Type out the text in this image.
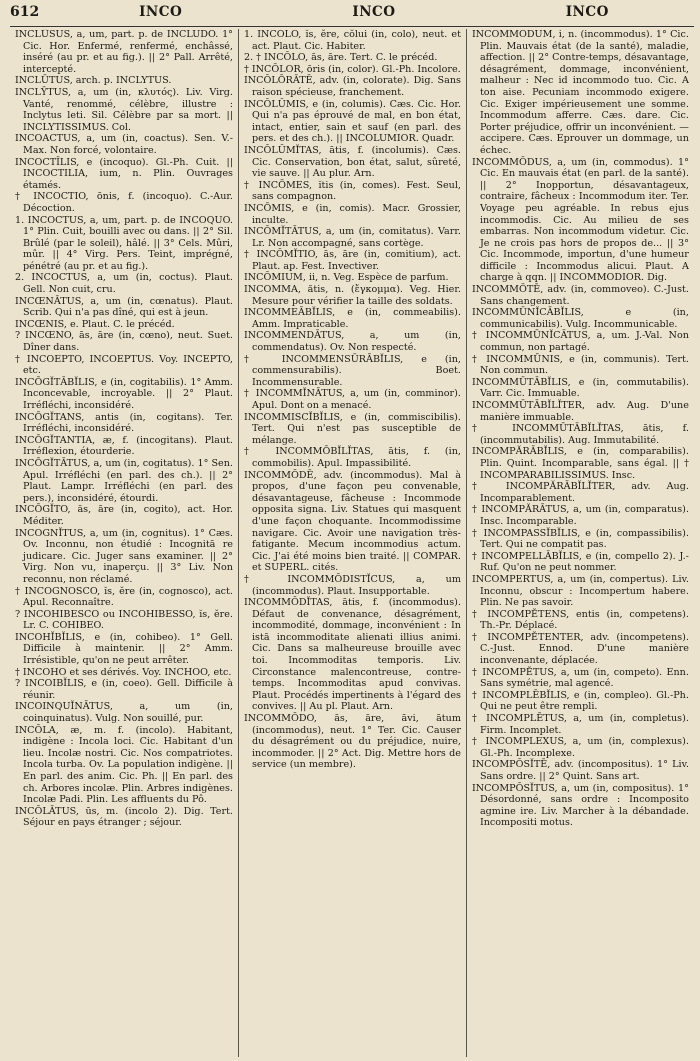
612	INCO	INCO	INCO

INCLŪSUS, a, um, part. p. de INCLUDO. 1° Cic. Hor. Enfermé, renfermé, enchâssé, inséré (au pr. et au fig.). || 2° Pall. Arrêté, intercepté.

INCLŪTUS, arch. p. INCLYTUS.

INCLȲTUS, a, um (in, κλυτός). Liv. Virg. Vanté, renommé, célèbre, illustre : Inclytus leti. Sil. Célèbre par sa mort. || INCLYTISSIMUS. Col.

INCOACTUS, a, um (in, coactus). Sen. V.-Max. Non forcé, volontaire.

INCOCTĪLIS, e (incoquo). Gl.-Ph. Cuit. || INCOCTILIA, ium, n. Plin. Ouvrages étamés.

† INCOCTIO, ōnis, f. (incoquo). C.-Aur. Décoction.

1. INCOCTUS, a, um, part. p. de INCOQUO. 1° Plin. Cuit, bouilli avec ou dans. || 2° Sil. Brûlé (par le soleil), hâlé. || 3° Cels. Mûri, mûr. || 4° Virg. Pers. Teint, imprégné, pénétré (au pr. et au fig.).

2. INCOCTUS, a, um (in, coctus). Plaut. Gell. Non cuit, cru.

INCŒNĀTUS, a, um (in, cœnatus). Plaut. Scrib. Qui n'a pas dîné, qui est à jeun.

INCŒNIS, e. Plaut. C. le précéd.

? INCŒNO, ās, āre (in, cœno), neut. Suet. Dîner dans.

† INCOEPTO, INCOEPTUS. Voy. INCEPTO, etc.

INCŌGĬTĀBĬLIS, e (in, cogitabilis). 1° Amm. Inconcevable, incroyable. || 2° Plaut. Irréfléchi, inconsidéré.

INCŌGĬTANS, antis (in, cogitans). Ter. Irréfléchi, inconsidéré.

INCŌGĬTANTIA, æ, f. (incogitans). Plaut. Irréflexion, étourderie.

INCŌGĬTĀTUS, a, um (in, cogitatus). 1° Sen. Apul. Irréfléchi (en parl. des ch.). || 2° Plaut. Lampr. Irréfléchi (en parl. des pers.), inconsidéré, étourdi.

INCŌGĬTO, ās, āre (in, cogito), act. Hor. Méditer.

INCOGNĬTUS, a, um (in, cognitus). 1° Cæs. Ov. Inconnu, non étudié : Incognitā re judicare. Cic. Juger sans examiner. || 2° Virg. Non vu, inaperçu. || 3° Liv. Non reconnu, non réclamé.

† INCOGNOSCO, ĭs, ĕre (in, cognosco), act. Apul. Reconnaître.

? INCOHIBESCO ou INCOHIBESSO, ĭs, ĕre. Lr. C. COHIBEO.

INCOHĬBĬLIS, e (in, cohibeo). 1° Gell. Difficile à maintenir. || 2° Amm. Irrésistible, qu'on ne peut arrêter.

† INCOHO et ses dérivés. Voy. INCHOO, etc.

? INCOIBĬLIS, e (in, coeo). Gell. Difficile à réunir.

INCOINQUĬNĀTUS, a, um (in, coinquinatus). Vulg. Non souillé, pur.

INCŎLA, æ, m. f. (incolo). Habitant, indigène : Incola loci. Cic. Habitant d'un lieu. Incolæ nostri. Cic. Nos compatriotes. Incola turba. Ov. La population indigène. || En parl. des anim. Cic. Ph. || En parl. des ch. Arbores incolæ. Plin. Arbres indigènes. Incolæ Padi. Plin. Les affluents du Pô.

INCŎLĀTUS, ūs, m. (incolo 2). Dig. Tert. Séjour en pays étranger ; séjour.

1. INCŎLO, ĭs, ĕre, cŏlui (in, colo), neut. et act. Plaut. Cic. Habiter.

2. † INCŎLO, ās, āre. Tert. C. le précéd.

† INCŎLOR, ōris (in, color). Gl.-Ph. Incolore.

INCŎLŌRĀTĒ, adv. (in, colorate). Dig. Sans raison spécieuse, franchement.

INCŎLŬMIS, e (in, columis). Cæs. Cic. Hor. Qui n'a pas éprouvé de mal, en bon état, intact, entier, sain et sauf (en parl. des pers. et des ch.). || INCOLUMIOR. Quadr.

INCŎLŬMĬTAS, ātis, f. (incolumis). Cæs. Cic. Conservation, bon état, salut, sûreté, vie sauve. || Au plur. Arn.

† INCŌMES, ĭtis (in, comes). Fest. Seul, sans compagnon.

INCŌMIS, e (in, comis). Macr. Grossier, inculte.

INCŎMĬTĀTUS, a, um (in, comitatus). Varr. Lr. Non accompagné, sans cortège.

† INCŎMĬTIO, ās, āre (in, comitium), act. Plaut. ap. Fest. Invectiver.

INCŎMIUM, ii, n. Veg. Espèce de parfum.

INCOMMA, ătis, n. (ἔγκομμα). Veg. Hier. Mesure pour vérifier la taille des soldats.

INCOMMEĀBĬLIS, e (in, commeabilis). Amm. Impraticable.

INCOMMENDĀTUS, a, um (in, commendatus). Ov. Non respecté.

† INCOMMENSŪRĀBĬLIS, e (in, commensurabilis). Boet. Incommensurable.

† INCOMMĬNĀTUS, a, um (in, comminor). Apul. Dont on a menacé.

INCOMMISCĬBĬLIS, e (in, commiscibilis). Tert. Qui n'est pas susceptible de mélange.

† INCOMMŌBĬLĬTAS, ātis, f. (in, commobilis). Apul. Impassibilité.

INCOMMŎDĒ, adv. (incommodus). Mal à propos, d'une façon peu convenable, désavantageuse, fâcheuse : Incommode opposita signa. Liv. Statues qui masquent d'une façon choquante. Incommodissime navigare. Cic. Avoir une navigation très-fatigante. Mecum incommodius actum. Cic. J'ai été moins bien traité. || COMPAR. et SUPERL. cités.

† INCOMMŎDISTĬCUS, a, um (incommodus). Plaut. Insupportable.

INCOMMŎDĬTAS, ātis, f. (incommodus). Défaut de convenance, désagrément, incommodité, dommage, inconvénient : In istā incommoditate alienati illius animi. Cic. Dans sa malheureuse brouille avec toi. Incommoditas temporis. Liv. Circonstance malencontreuse, contre-temps. Incommoditas apud convivas. Plaut. Procédés impertinents à l'égard des convives. || Au pl. Plaut. Arn.

INCOMMŎDO, ās, āre, āvi, ātum (incommodus), neut. 1° Ter. Cic. Causer du désagrément ou du préjudice, nuire, incommoder. || 2° Act. Dig. Mettre hors de service (un membre).

INCOMMŎDUM, i, n. (incommodus). 1° Cic. Plin. Mauvais état (de la santé), maladie, affection. || 2° Contre-temps, désavantage, désagrément, dommage, inconvénient, malheur : Nec id incommodo tuo. Cic. A ton aise. Pecuniam incommodo exigere. Cic. Exiger impérieusement une somme. Incommodum afferre. Cæs. dare. Cic. Porter préjudice, offrir un inconvénient. — accipere. Cæs. Eprouver un dommage, un échec.

INCOMMŎDUS, a, um (in, commodus). 1° Cic. En mauvais état (en parl. de la santé). || 2° Inopportun, désavantageux, contraire, fâcheux : Incommodum iter. Ter. Voyage peu agréable. In rebus ejus incommodis. Cic. Au milieu de ses embarras. Non incommodum videtur. Cic. Je ne crois pas hors de propos de... || 3° Cic. Incommode, importun, d'une humeur difficile : Incommodus alicui. Plaut. A charge à qqn. || INCOMMODIOR. Dig.

INCOMMŌTĒ, adv. (in, commoveo). C.-Just. Sans changement.

INCOMMŪNĬCĀBĬLIS, e (in, communicabilis). Vulg. Incommunicable.

† INCOMMŪNĬCĀTUS, a, um. J.-Val. Non commun, non partagé.

† INCOMMŪNIS, e (in, communis). Tert. Non commun.

INCOMMŪTĀBĬLIS, e (in, commutabilis). Varr. Cic. Immuable.

INCOMMŪTĀBĬLĬTER, adv. Aug. D'une manière immuable.

† INCOMMŪTĀBĬLĬTAS, ātis, f. (incommutabilis). Aug. Immutabilité.

INCOMPĂRĀBĬLIS, e (in, comparabilis). Plin. Quint. Incomparable, sans égal. || † INCOMPARABILISSIMUS. Insc.

† INCOMPĂRĀBĬLĬTER, adv. Aug. Incomparablement.

† INCOMPĂRĀTUS, a, um (in, comparatus). Insc. Incomparable.

† INCOMPASSĬBĬLIS, e (in, compassibilis). Tert. Qui ne compatit pas.

† INCOMPELLĀBĬLIS, e (in, compello 2). J.-Ruf. Qu'on ne peut nommer.

INCOMPERTUS, a, um (in, compertus). Liv. Inconnu, obscur : Incompertum habere. Plin. Ne pas savoir.

† INCOMPĔTENS, entis (in, competens). Th.-Pr. Déplacé.

† INCOMPĔTENTER, adv. (incompetens). C.-Just. Ennod. D'une manière inconvenante, déplacée.

† INCOMPĔTUS, a, um (in, competo). Enn. Sans symétrie, mal agencé.

† INCOMPLĒBĬLIS, e (in, compleo). Gl.-Ph. Qui ne peut être rempli.

† INCOMPLĒTUS, a, um (in, completus). Firm. Incomplet.

† INCOMPLEXUS, a, um (in, complexus). Gl.-Ph. Incomplexe.

INCOMPŎSĬTĒ, adv. (incompositus). 1° Liv. Sans ordre. || 2° Quint. Sans art.

INCOMPŎSĬTUS, a, um (in, compositus). 1° Désordonné, sans ordre : Incomposito agmine ire. Liv. Marcher à la débandade. Incompositi motus.
